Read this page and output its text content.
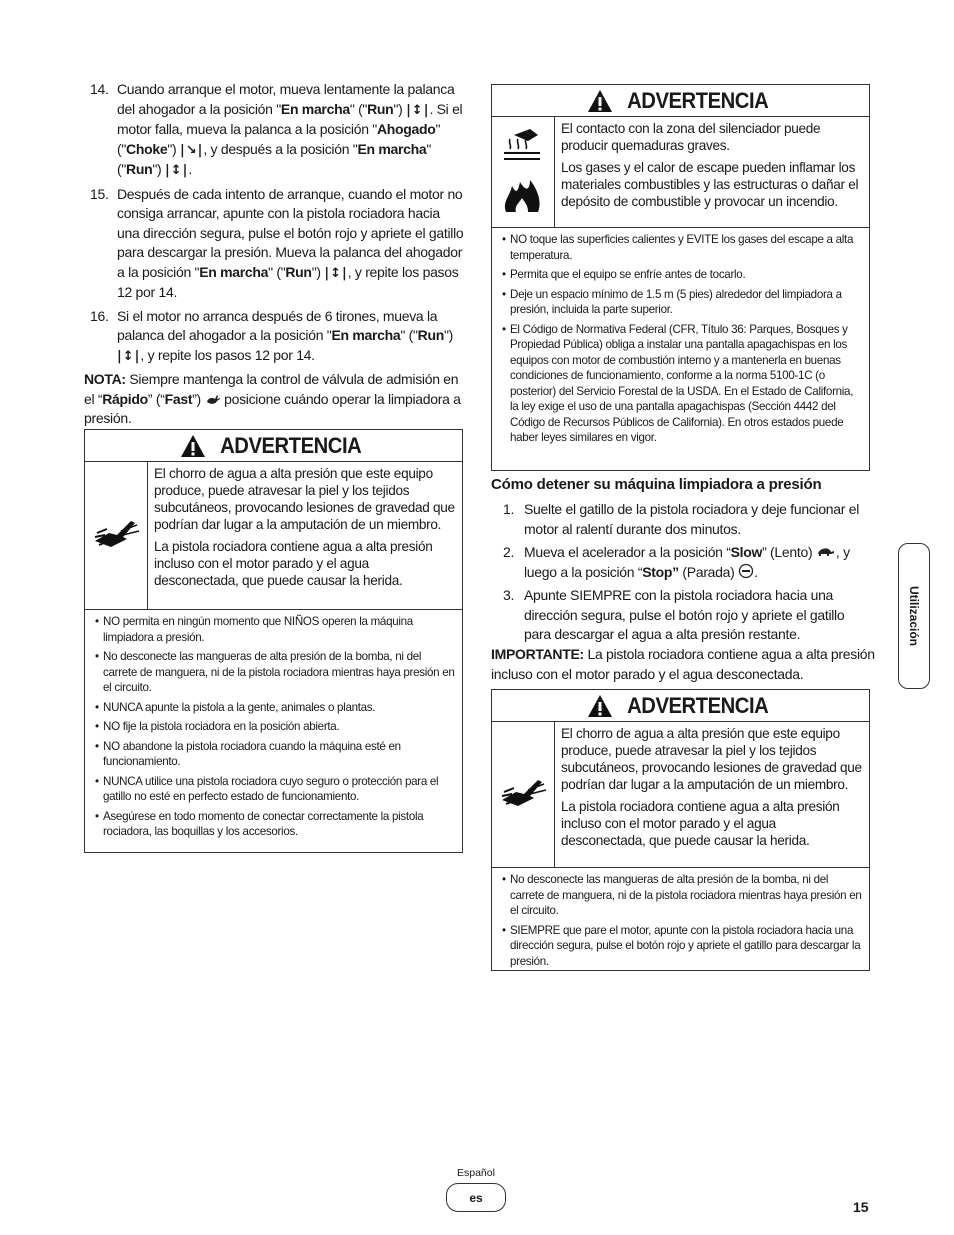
14. Cuando arranque el motor, mueva lentamente la palanca del ahogador a la posición "En marcha" ("Run") |↕|. Si el motor falla, mueva la palanca a la posición "Ahogado" ("Choke") |↘|, y después a la posición "En marcha" ("Run") |↕|.
15. Después de cada intento de arranque, cuando el motor no consiga arrancar, apunte con la pistola rociadora hacia una dirección segura, pulse el botón rojo y apriete el gatillo para descargar la presión. Mueva la palanca del ahogador a la posición "En marcha" ("Run") |↕|, y repite los pasos 12 por 14.
16. Si el motor no arranca después de 6 tirones, mueva la palanca del ahogador a la posición "En marcha" ("Run") |↕|, y repite los pasos 12 por 14.
NOTA: Siempre mantenga la control de válvula de admisión en el “Rápido” (“Fast”)  posicione cuándo operar la limpiadora a presión.
ADVERTENCIA

El chorro de agua a alta presión que este equipo produce, puede atravesar la piel y los tejidos subcutáneos, provocando lesiones de gravedad que podrían dar lugar a la amputación de un miembro.

La pistola rociadora contiene agua a alta presión incluso con el motor parado y el agua desconectada, que puede causar la herida.

• NO permita en ningún momento que NIÑOS operen la máquina limpiadora a presión.
• No desconecte las mangueras de alta presión de la bomba, ni del carrete de manguera, ni de la pistola rociadora mientras haya presión en el circuito.
• NUNCA apunte la pistola a la gente, animales o plantas.
• NO fije la pistola rociadora en la posición abierta.
• NO abandone la pistola rociadora cuando la máquina esté en funcionamiento.
• NUNCA utilice una pistola rociadora cuyo seguro o protección para el gatillo no esté en perfecto estado de funcionamiento.
• Asegúrese en todo momento de conectar correctamente la pistola rociadora, las boquillas y los accesorios.
ADVERTENCIA

El contacto con la zona del silenciador puede producir quemaduras graves.

Los gases y el calor de escape pueden inflamar los materiales combustibles y las estructuras o dañar el depósito de combustible y provocar un incendio.

• NO toque las superficies calientes y EVITE los gases del escape a alta temperatura.
• Permita que el equipo se enfríe antes de tocarlo.
• Deje un espacio mínimo de 1.5 m (5 pies) alrededor del limpiadora a presión, incluida la parte superior.
• El Código de Normativa Federal (CFR, Título 36: Parques, Bosques y Propiedad Pública) obliga a instalar una pantalla apagachispas en los equipos con motor de combustión interno y a mantenerla en buenas condiciones de funcionamiento, conforme a la norma 5100-1C (o posterior) del Servicio Forestal de la USDA. En el Estado de California, la ley exige el uso de una pantalla apagachispas (Sección 4442 del Código de Recursos Públicos de California). En otros estados puede haber leyes similares en vigor.
Cómo detener su máquina limpiadora a presión
1. Suelte el gatillo de la pistola rociadora y deje funcionar el motor al ralentí durante dos minutos.
2. Mueva el acelerador a la posición “Slow” (Lento) , y luego a la posición “Stop” (Parada) .
3. Apunte SIEMPRE con la pistola rociadora hacia una dirección segura, pulse el botón rojo y apriete el gatillo para descargar el agua a alta presión restante.
IMPORTANTE: La pistola rociadora contiene agua a alta presión incluso con el motor parado y el agua desconectada.
ADVERTENCIA

El chorro de agua a alta presión que este equipo produce, puede atravesar la piel y los tejidos subcutáneos, provocando lesiones de gravedad que podrían dar lugar a la amputación de un miembro.

La pistola rociadora contiene agua a alta presión incluso con el motor parado y el agua desconectada, que puede causar la herida.

• No desconecte las mangueras de alta presión de la bomba, ni del carrete de manguera, ni de la pistola rociadora mientras haya presión en el circuito.
• SIEMPRE que pare el motor, apunte con la pistola rociadora hacia una dirección segura, pulse el botón rojo y apriete el gatillo para descargar la presión.
Utilización
Español
es
15
